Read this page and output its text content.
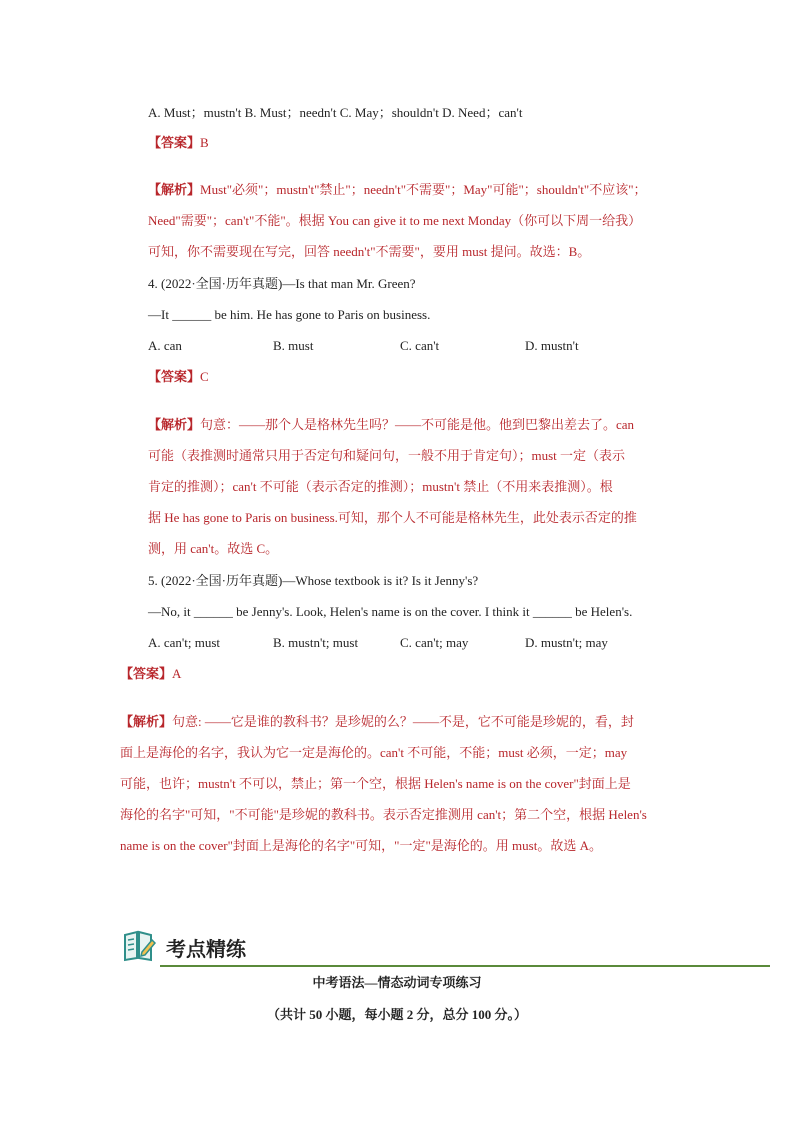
A. Must；mustn't B. Must；needn't C. May；shouldn't D. Need；can't
【答案】B
【解析】Must"必须"；mustn't"禁止"；needn't"不需要"；May"可能"；shouldn't"不应该"；
Need"需要"；can't"不能"。根据 You can give it to me next Monday（你可以下周一给我）
可知，你不需要现在写完，回答 needn't"不需要"，要用 must 提问。故选：B。
4. (2022·全国·历年真题)—Is that man Mr. Green?
—It ______ be him. He has gone to Paris on business.
A. can	B. must	C. can't	D. mustn't
【答案】C
【解析】句意：——那个人是格林先生吗？——不可能是他。他到巴黎出差去了。can
可能（表推测时通常只用于否定句和疑问句，一般不用于肯定句）；must 一定（表示
肯定的推测）；can't 不可能（表示否定的推测）；mustn't 禁止（不用来表推测）。根
据 He has gone to Paris on business.可知，那个人不可能是格林先生，此处表示否定的推
测，用 can't。故选 C。
5. (2022·全国·历年真题)—Whose textbook is it? Is it Jenny's?
—No, it ______ be Jenny's. Look, Helen's name is on the cover. I think it ______ be Helen's.
A. can't; must	B. mustn't; must	C. can't; may	D. mustn't; may
【答案】A
【解析】句意: ——它是谁的教科书？是珍妮的么？——不是，它不可能是珍妮的，看，封
面上是海伦的名字，我认为它一定是海伦的。can't 不可能，不能；must 必须，一定；may
可能，也许；mustn't 不可以，禁止；第一个空，根据 Helen's name is on the cover"封面上是
海伦的名字"可知，"不可能"是珍妮的教科书。表示否定推测用 can't；第二个空，根据 Helen's
name is on the cover"封面上是海伦的名字"可知，"一定"是海伦的。用 must。故选 A。
考点精练
中考语法—情态动词专项练习
（共计 50 小题，每小题 2 分，总分 100 分。）
